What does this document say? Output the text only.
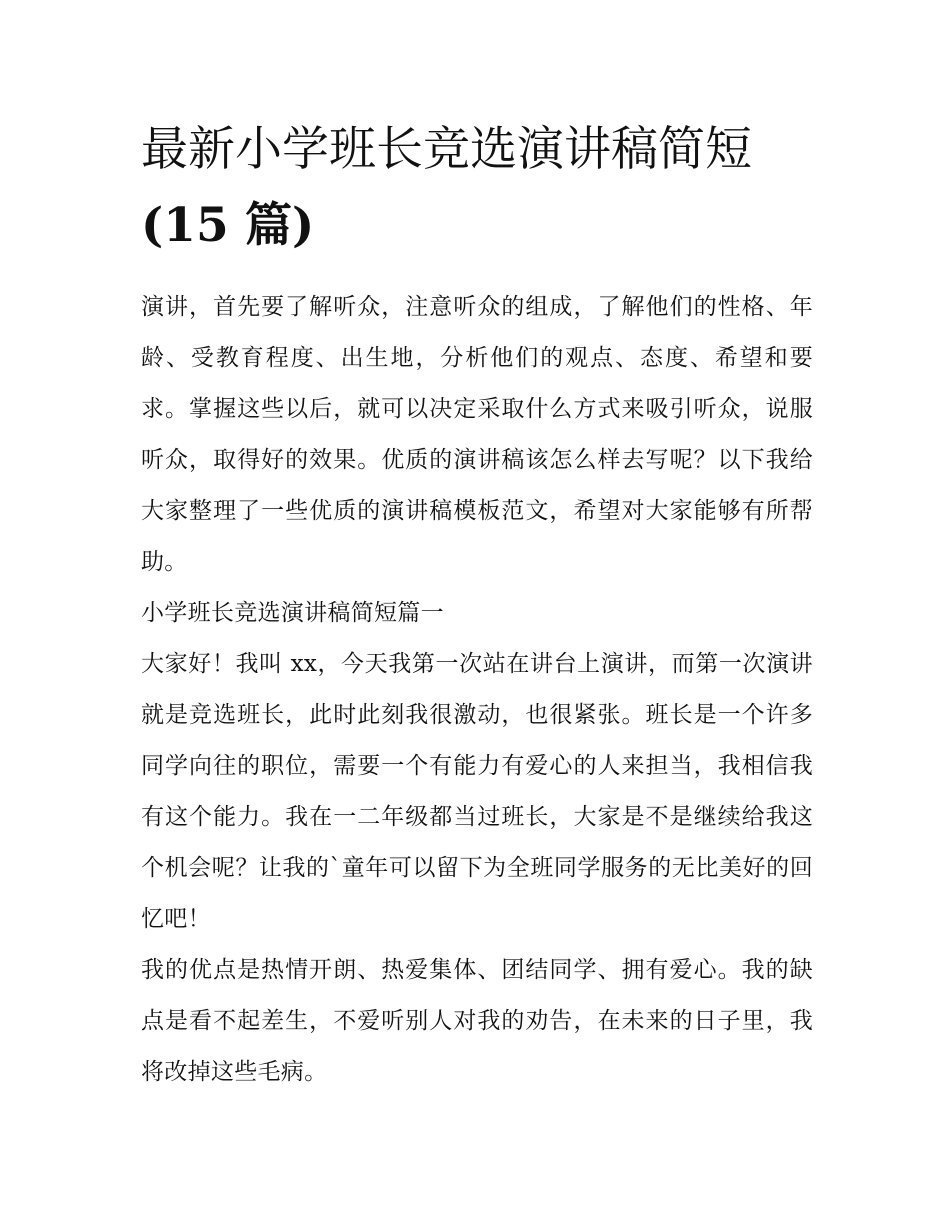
最新小学班长竞选演讲稿简短
(15 篇)

演讲，首先要了解听众，注意听众的组成，了解他们的性格、年龄、受教育程度、出生地，分析他们的观点、态度、希望和要求。掌握这些以后，就可以决定采取什么方式来吸引听众，说服听众，取得好的效果。优质的演讲稿该怎么样去写呢？以下我给大家整理了一些优质的演讲稿模板范文，希望对大家能够有所帮助。

小学班长竞选演讲稿简短篇一

大家好！我叫 xx，今天我第一次站在讲台上演讲，而第一次演讲就是竞选班长，此时此刻我很激动，也很紧张。班长是一个许多同学向往的职位，需要一个有能力有爱心的人来担当，我相信我有这个能力。我在一二年级都当过班长，大家是不是继续给我这个机会呢？让我的`童年可以留下为全班同学服务的无比美好的回忆吧！

我的优点是热情开朗、热爱集体、团结同学、拥有爱心。我的缺点是看不起差生，不爱听别人对我的劝告，在未来的日子里，我将改掉这些毛病。
